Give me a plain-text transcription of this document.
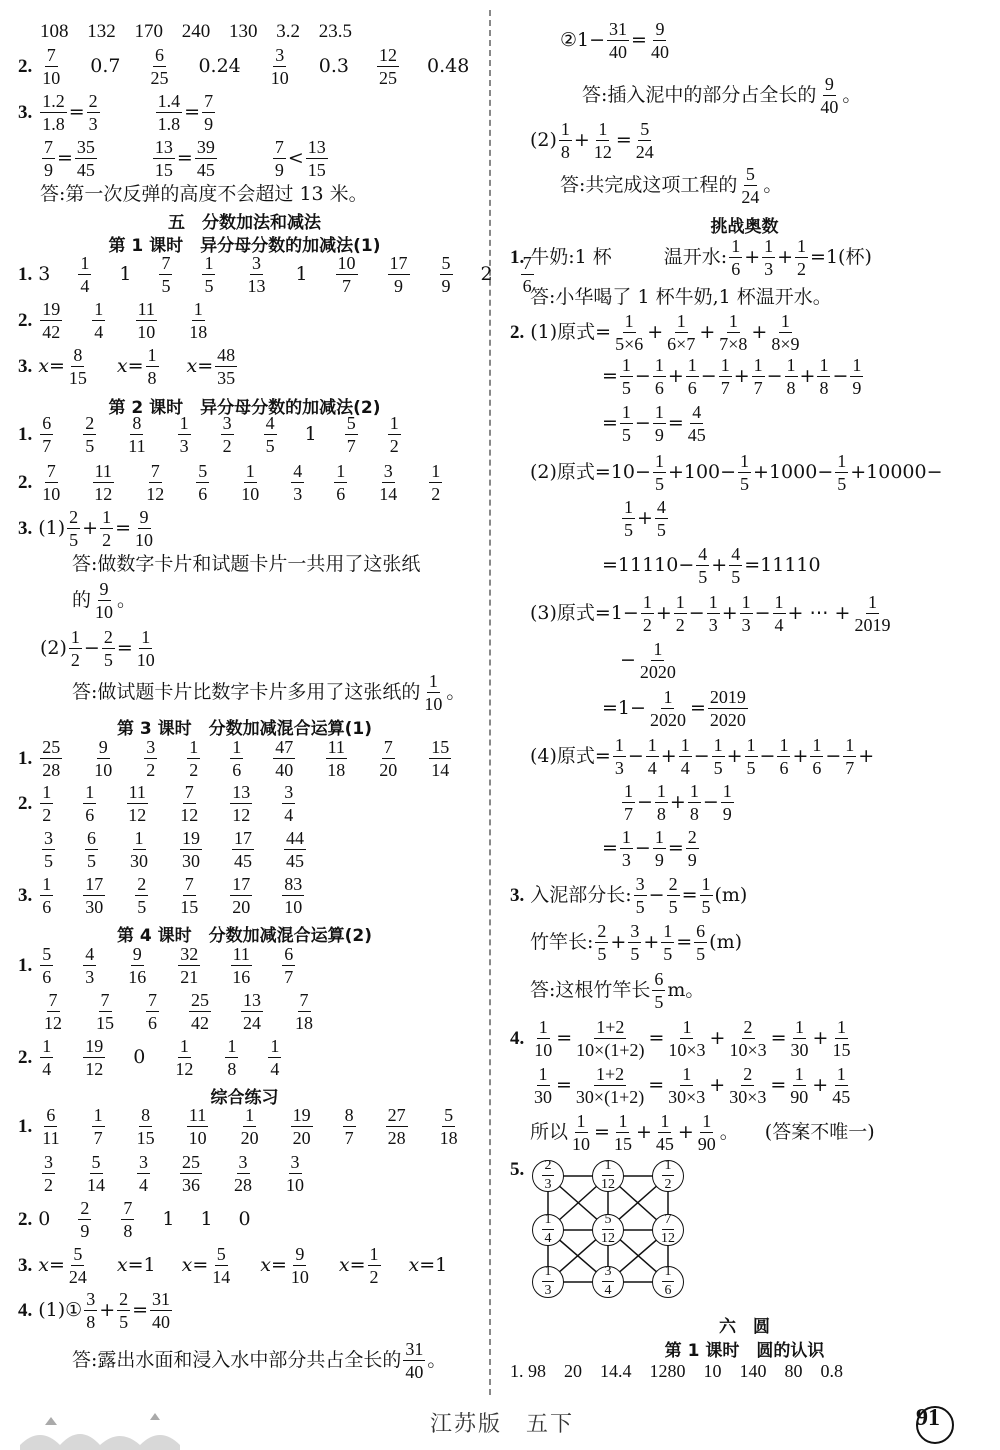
108 132 170 240 130 3.2 23.5
2.
7
10
0.7
6
25
0.24
3
10
0.3
12
25
0.48
3.
1.2
1.8
=
2
3
1.4
1.8
=
7
9
7
9
=
35
45
13
15
=
39
45
7
9
<
13
15
答:第一次反弹的高度不会超过 13 米。
五　分数加法和减法
第 1 课时　异分母分数的加减法(1)
1. 3
1
4
1
7
5
1
5
3
13
1
10
7
17
9
5
9
2
7
6
2.
19
42
1
4
11
10
1
18
3. x =
8
15
x =
1
8
x =
48
35
第 2 课时　异分母分数的加减法(2)
1.
6
7
2
5
8
11
1
3
3
2
4
5
1
5
7
1
2
2.
7
10
11
12
7
12
5
6
1
10
4
3
1
6
3
14
1
2
3. (1)
2
5
+
1
2
=
9
10
答:做数字卡片和试题卡片一共用了这张纸
的
9
10
。
(2)
1
2
−
2
5
=
1
10
答:做试题卡片比数字卡片多用了这张纸的
1
10
。
第 3 课时　分数加减混合运算(1)
1.
25
28
9
10
3
2
1
2
1
6
47
40
11
18
7
20
15
14
2.
1
2
1
6
11
12
7
12
13
12
3
4
3
5
6
5
1
30
19
30
17
45
44
45
3.
1
6
17
30
2
5
7
15
17
20
83
10
第 4 课时　分数加减混合运算(2)
1.
5
6
4
3
9
16
32
21
11
16
6
7
7
12
7
15
7
6
25
42
13
24
7
18
2.
1
4
19
12
0
1
12
1
8
1
4
综合练习
1.
6
11
1
7
8
15
11
10
1
20
19
20
8
7
27
28
5
18
3
2
5
14
3
4
25
36
3
28
3
10
2. 0
2
9
7
8
1 1 0
3. x =
5
24
x =1 x =
5
14
x =
9
10
x =
1
2
x =1
4. (1)①
3
8
+
2
5
=
31
40
答:露出水面和浸入水中部分共占全长的
31
40
。
②1−
31
40
=
9
40
答:插入泥中的部分占全长的
9
40
。
(2)
1
8
+
1
12
=
5
24
答:共完成这项工程的
5
24
。
挑战奥数
1. 牛奶:1 杯	温开水:
1
6
+
1
3
+
1
2
=1(杯)
答:小华喝了 1 杯牛奶,1 杯温开水。
2. (1)原式=
1
5×6
+
1
6×7
+
1
7×8
+
1
8×9
=
1
5
−
1
6
+
1
6
−
1
7
+
1
7
−
1
8
+
1
8
−
1
9
=
1
5
−
1
9
=
4
45
(2)原式=10−
1
5
+100−
1
5
+1000−
1
5
+10000−
1
5
+
4
5
=11110−
4
5
+
4
5
=11110
(3)原式=1−
1
2
+
1
2
−
1
3
+
1
3
−
1
4
+ ⋯ +
1
2019
−
1
2020
=1−
1
2020
=
2019
2020
(4)原式=
1
3
−
1
4
+
1
4
−
1
5
+
1
5
−
1
6
+
1
6
−
1
7
+
1
7
−
1
8
+
1
8
−
1
9
=
1
3
−
1
9
=
2
9
3. 入泥部分长:
3
5
−
2
5
=
1
5
(m)
竹竿长:
2
5
+
3
5
+
1
5
=
6
5
(m)
答:这根竹竿长
6
5
m。
4.
1
10
=
1+2
10×(1+2)
=
1
10×3
+
2
10×3
=
1
30
+
1
15
1
30
=
1+2
30×(1+2)
=
1
30×3
+
2
30×3
=
1
90
+
1
45
所以
1
10
=
1
15
+
1
45
+
1
90
。 (答案不唯一)
5. 2
3
1
12
1
2
1
4
5
12
7
12
1
3
3
4
1
6
六　圆
第 1 课时　圆的认识
1. 98　20　14.4　1280　10　140　80　0.8
江苏版　五下	91
